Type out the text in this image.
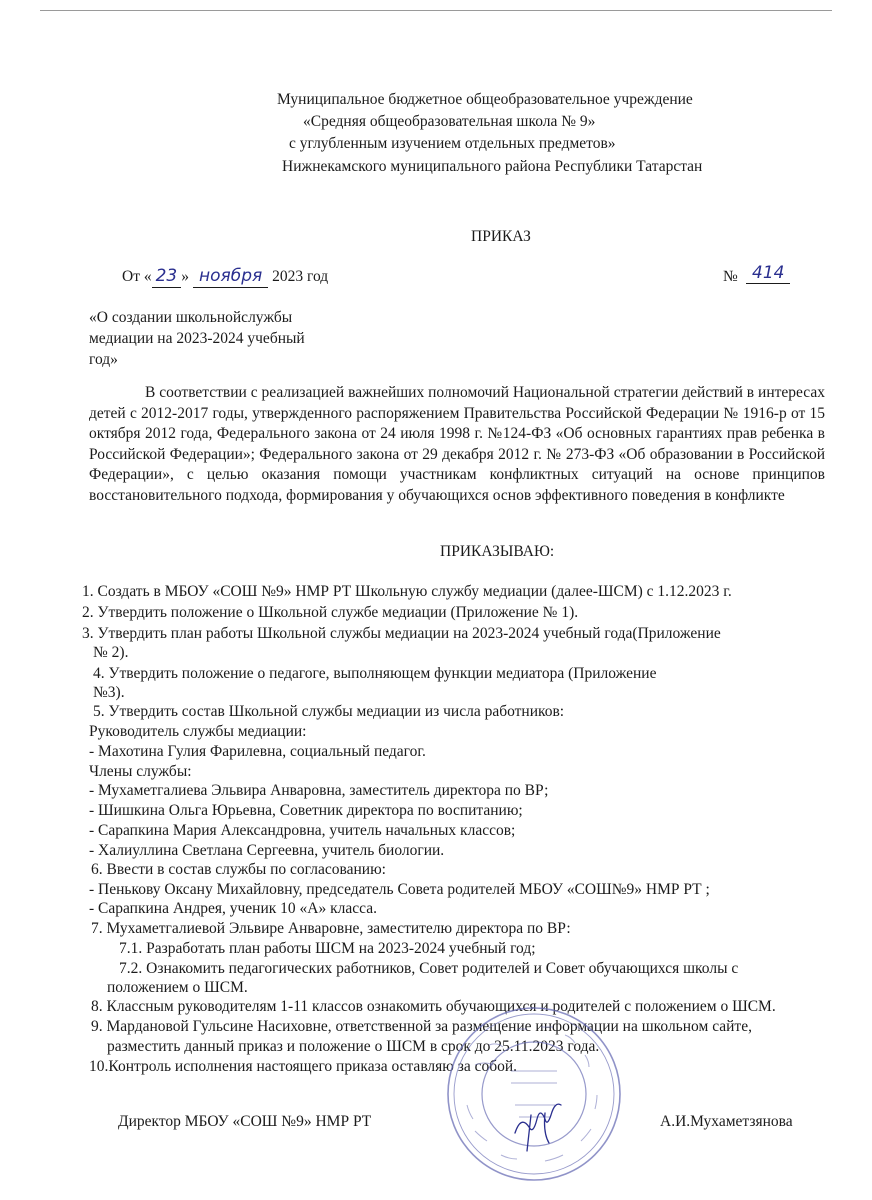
Муниципальное бюджетное общеобразовательное учреждение
«Средняя общеобразовательная школа № 9»
с углубленным изучением отдельных предметов»
Нижнекамского муниципального района Республики Татарстан
ПРИКАЗ
От « 23 » ноября 2023 год	№ 414
«О создании школьнойслужбы
медиации на 2023-2024 учебный
год»
В соответствии с реализацией важнейших полномочий Национальной стратегии действий в интересах детей с 2012-2017 годы, утвержденного распоряжением Правительства Российской Федерации № 1916-р от 15 октября 2012 года, Федерального закона от 24 июля 1998 г. №124-ФЗ «Об основных гарантиях прав ребенка в Российской Федерации»; Федерального закона от 29 декабря 2012 г. № 273-ФЗ «Об образовании в Российской Федерации», с целью оказания помощи участникам конфликтных ситуаций на основе принципов восстановительного подхода, формирования у обучающихся основ эффективного поведения в конфликте
ПРИКАЗЫВАЮ:
1. Создать в МБОУ «СОШ №9» НМР РТ Школьную службу медиации (далее-ШСМ) с 1.12.2023 г.
2. Утвердить положение о Школьной службе медиации (Приложение № 1).
3. Утвердить план работы Школьной службы медиации на 2023-2024 учебный года(Приложение
№ 2).
4. Утвердить положение о педагоге, выполняющем функции медиатора (Приложение
№3).
5. Утвердить состав Школьной службы медиации из числа работников:
Руководитель службы медиации:
- Махотина Гулия Фарилевна, социальный педагог.
Члены службы:
- Мухаметгалиева Эльвира Анваровна, заместитель директора по ВР;
- Шишкина Ольга Юрьевна, Советник директора по воспитанию;
- Сарапкина Мария Александровна, учитель начальных классов;
- Халиуллина Светлана Сергеевна, учитель биологии.
6. Ввести в состав службы по согласованию:
- Пенькову Оксану Михайловну, председатель Совета родителей МБОУ «СОШ№9» НМР РТ ;
- Сарапкина Андрея, ученик 10 «А» класса.
7. Мухаметгалиевой Эльвире Анваровне, заместителю директора по ВР:
7.1. Разработать план работы ШСМ на 2023-2024 учебный год;
7.2. Ознакомить педагогических работников, Совет родителей и Совет обучающихся школы с
положением о ШСМ.
8. Классным руководителям 1-11 классов ознакомить обучающихся и родителей с положением о ШСМ.
9. Мардановой Гульсине Насиховне, ответственной за размещение информации на школьном сайте,
разместить данный приказ и положение о ШСМ в срок до 25.11.2023 года.
10.Контроль исполнения настоящего приказа оставляю за собой.
Директор МБОУ «СОШ №9» НМР РТ	А.И.Мухаметзянова
